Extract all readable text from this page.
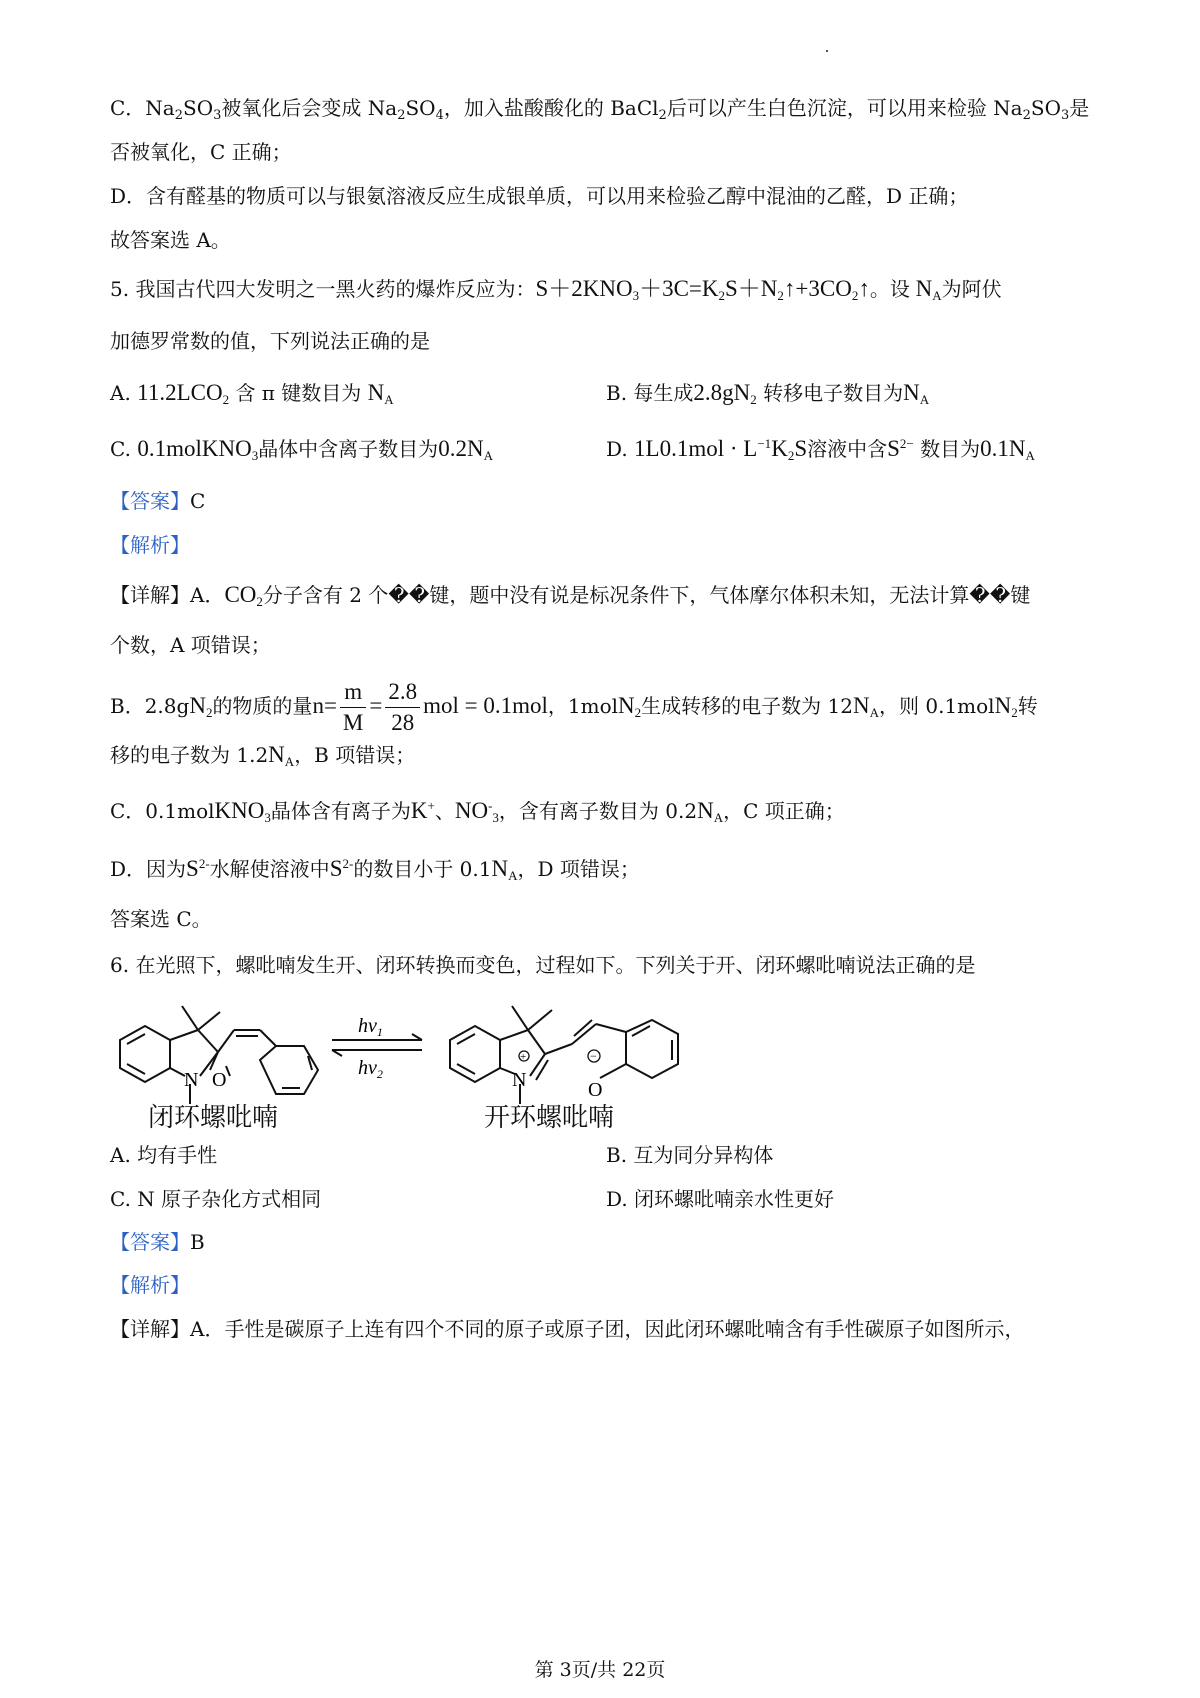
C．$Na_2SO_3$被氧化后会变成 $Na_2SO_4$，加入盐酸酸化的 BaCl$_2$后可以产生白色沉淀，可以用来检验 $Na_2SO_3$是
否被氧化，C 正确；
D．含有醛基的物质可以与银氨溶液反应生成银单质，可以用来检验乙醇中混油的乙醛，D 正确；
故答案选 A。
5. 我国古代四大发明之一黑火药的爆炸反应为：$S+2KNO_3+3C=K_2S+N_2↑+3CO_2↑$。设 $N_A$为阿伏
加德罗常数的值，下列说法正确的是
A. $11.2LCO_2$ 含 π 键数目为 $N_A$	B. 每生成$2.8gN_2$ 转移电子数目为$N_A$
C. 0.1molKNO$_3$晶体中含离子数目为$0.2N_A$	D. $1L0.1mol \cdot L^{-1}K_2S$溶液中含$S^{2-}$ 数目为$0.1N_A$
【答案】C
【解析】
【详解】A．$CO_2$分子含有 2 个��键，题中没有说是标况条件下，气体摩尔体积未知，无法计算��键
个数，A 项错误；
B．$2.8gN_2$的物质的量$n= \frac{m}{M} = \frac{2.8}{28}$ mol = 0.1mol，1molN$_2$生成转移的电子数为 $12N_A$，则 0.1molN$_2$转
移的电子数为 $1.2N_A$，B 项错误；
C．0.1molKNO$_3$晶体含有离子为K+、$NO^-_3$，含有离子数目为 $0.2N_A$，C 项正确；
D．因为$S^{2-}$水解使溶液中$S^{2-}$的数目小于 $0.1N_A$，D 项错误；
答案选 C。
6. 在光照下，螺吡喃发生开、闭环转换而变色，过程如下。下列关于开、闭环螺吡喃说法正确的是
N O	N
+
O
−
$h\nu_1$
$h\nu_2$
闭环螺吡喃	开环螺吡喃
A. 均有手性	B. 互为同分异构体
C. N 原子杂化方式相同	D. 闭环螺吡喃亲水性更好
【答案】B
【解析】
【详解】A．手性是碳原子上连有四个不同的原子或原子团，因此闭环螺吡喃含有手性碳原子如图所示，
第 3页/共 22页
